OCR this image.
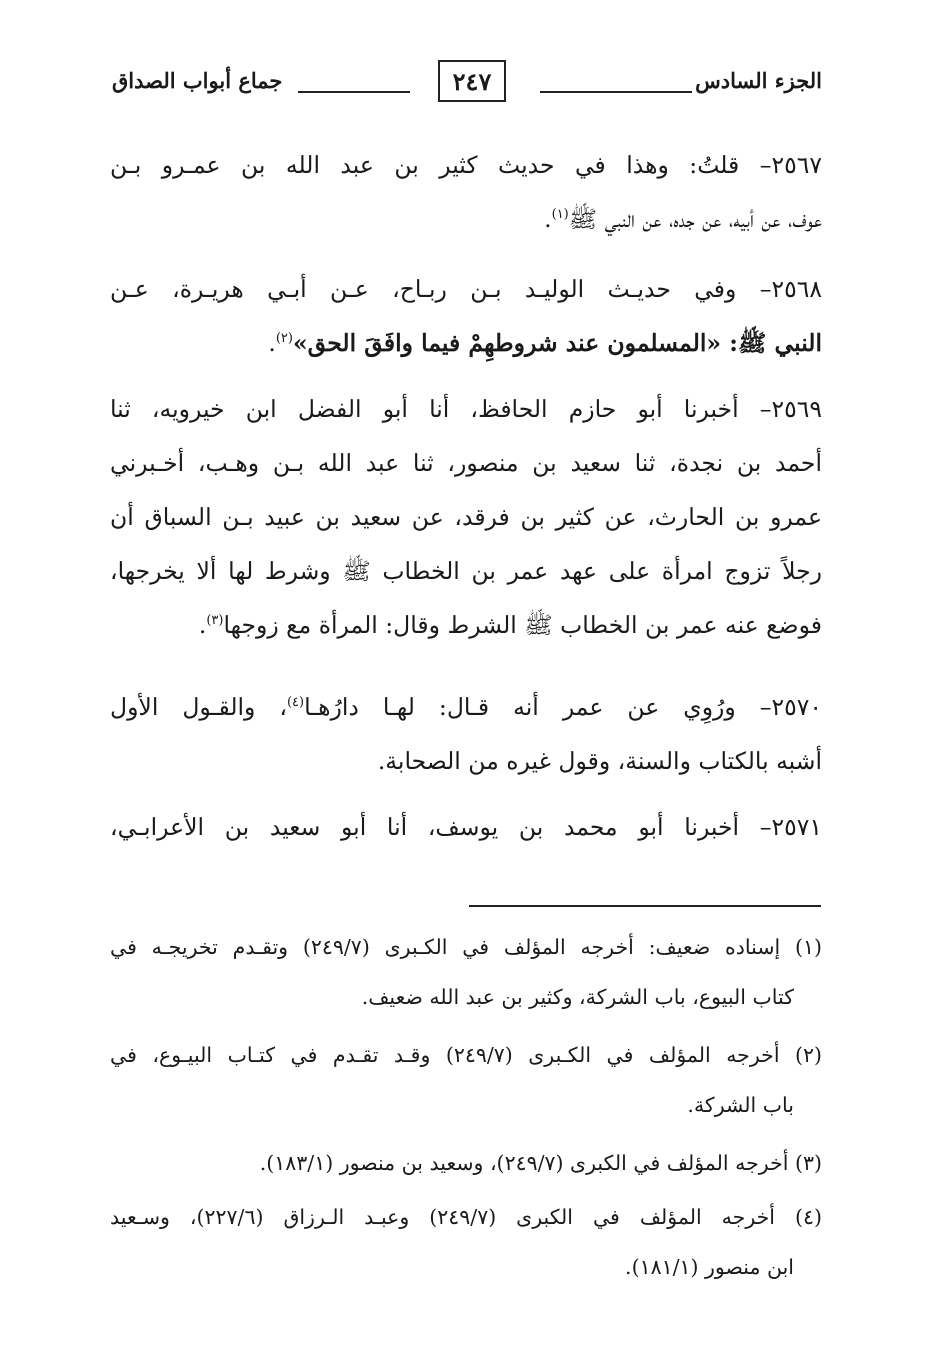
الجزء السادس
٢٤٧
جماع أبواب الصداق
٢٥٦٧– قلتُ: وهذا في حديث كثير بن عبد الله بن عمـرو بـن
عوف، عن أبيه، عن جده، عن النبي ﷺ$^{(١)}$.
٢٥٦٨– وفي حديـث الوليـد بـن ربـاح، عـن أبـي هريـرة، عـن
النبي ﷺ: «المسلمون عند شروطهِمْ فيما وافَقَ الحق»$^{(٢)}$.
٢٥٦٩– أخبرنا أبو حازم الحافظ، أنا أبو الفضل ابن خيرويه، ثنا
أحمد بن نجدة، ثنا سعيد بن منصور، ثنا عبد الله بـن وهـب، أخـبرني
عمرو بن الحارث، عن كثير بن فرقد، عن سعيد بن عبيد بـن السباق أن
رجلاً تزوج امرأة على عهد عمر بن الخطاب ﷺ وشرط لها ألا يخرجها،
فوضع عنه عمر بن الخطاب ﷺ الشرط وقال: المرأة مع زوجها$^{(٣)}$.
٢٥٧٠– ورُوِي عن عمر أنه قـال: لهـا دارُهـا$^{(٤)}$، والقـول الأول
أشبه بالكتاب والسنة، وقول غيره من الصحابة.
٢٥٧١– أخبرنا أبو محمد بن يوسف، أنا أبو سعيد بن الأعرابـي،
(١) إسناده ضعيف: أخرجه المؤلف في الكـبرى (٢٤٩/٧) وتقـدم تخريجـه في
كتاب البيوع، باب الشركة، وكثير بن عبد الله ضعيف.
(٢) أخرجه المؤلف في الكـبرى (٢٤٩/٧) وقـد تقـدم في كتـاب البيـوع، في
باب الشركة.
(٣) أخرجه المؤلف في الكبرى (٢٤٩/٧)، وسعيد بن منصور (١٨٣/١).
(٤) أخرجه المؤلف في الكبرى (٢٤٩/٧) وعبـد الـرزاق (٢٢٧/٦)، وسـعيد
ابن منصور (١٨١/١).
